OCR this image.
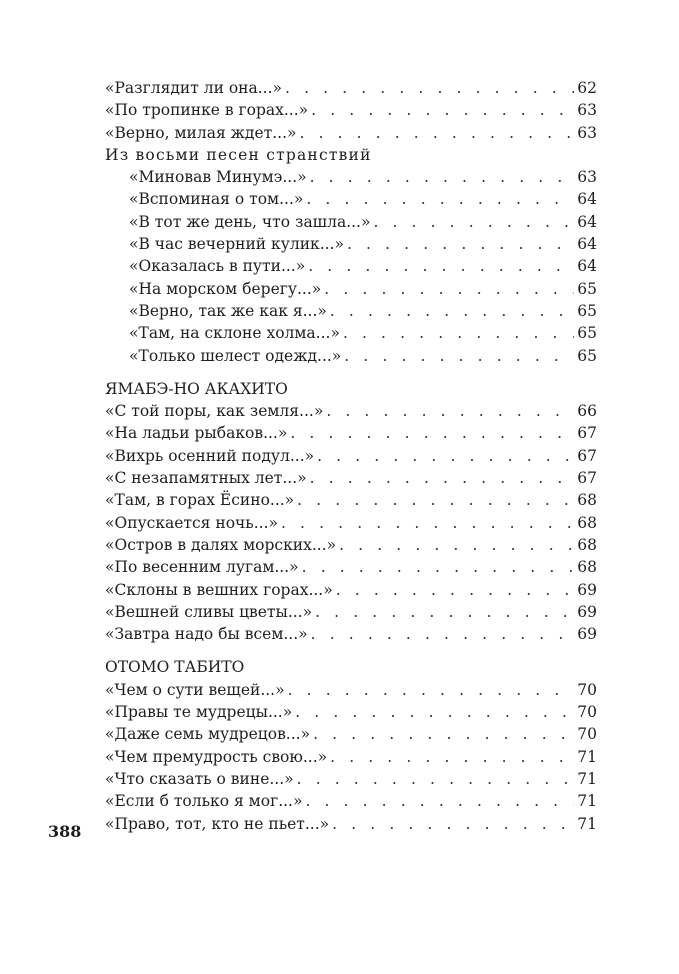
«Разглядит ли она...» . . .	62
«По тропинке в горах...» . . .	63
«Верно, милая ждет...» . . .	63
Из восьми песен странствий
«Миновав Минумэ...» . . .	63
«Вспоминая о том...» . . .	64
«В тот же день, что зашла...» . . .	64
«В час вечерний кулик...» . . .	64
«Оказалась в пути...» . . .	64
«На морском берегу...» . . .	65
«Верно, так же как я...» . . .	65
«Там, на склоне холма...» . . .	65
«Только шелест одежд...» . . .	65
ЯМАБЭ-НО АКАХИТО
«С той поры, как земля...» . . .	66
«На ладьи рыбаков...» . . .	67
«Вихрь осенний подул...» . . .	67
«С незапамятных лет...» . . .	67
«Там, в горах Ёсино...» . . .	68
«Опускается ночь...» . . .	68
«Остров в далях морских...» . . .	68
«По весенним лугам...» . . .	68
«Склоны в вешних горах...» . . .	69
«Вешней сливы цветы...» . . .	69
«Завтра надо бы всем...» . . .	69
ОТОМО ТАБИТО
«Чем о сути вещей...» . . .	70
«Правы те мудрецы...» . . .	70
«Даже семь мудрецов...» . . .	70
«Чем премудрость свою...» . . .	71
«Что сказать о вине...» . . .	71
«Если б только я мог...» . . .	71
«Право, тот, кто не пьет...» . . .	71
388
